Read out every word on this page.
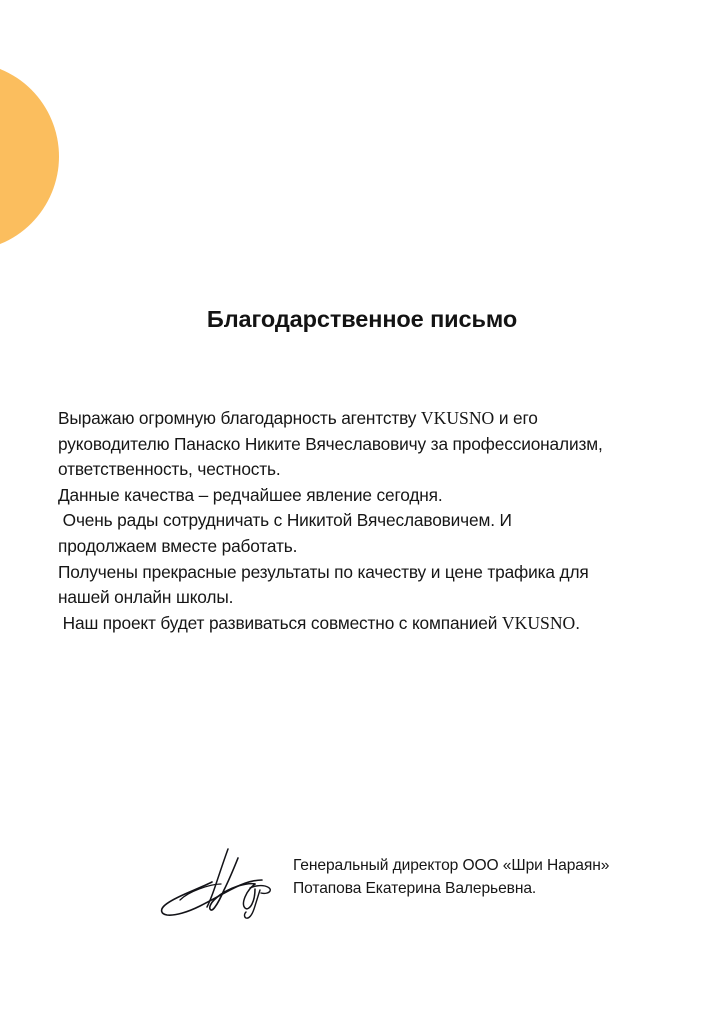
Благодарственное письмо
Выражаю огромную благодарность агентству VKUSNO и его
руководителю Панаско Никите Вячеславовичу за профессионализм,
ответственность, честность.
Данные качества – редчайшее явление сегодня.
Очень рады сотрудничать с Никитой Вячеславовичем. И
продолжаем вместе работать.
Получены прекрасные результаты по качеству и цене трафика для
нашей онлайн школы.
Наш проект будет развиваться совместно с компанией VKUSNO.
Генеральный директор ООО «Шри Нараян»
Потапова Екатерина Валерьевна.
